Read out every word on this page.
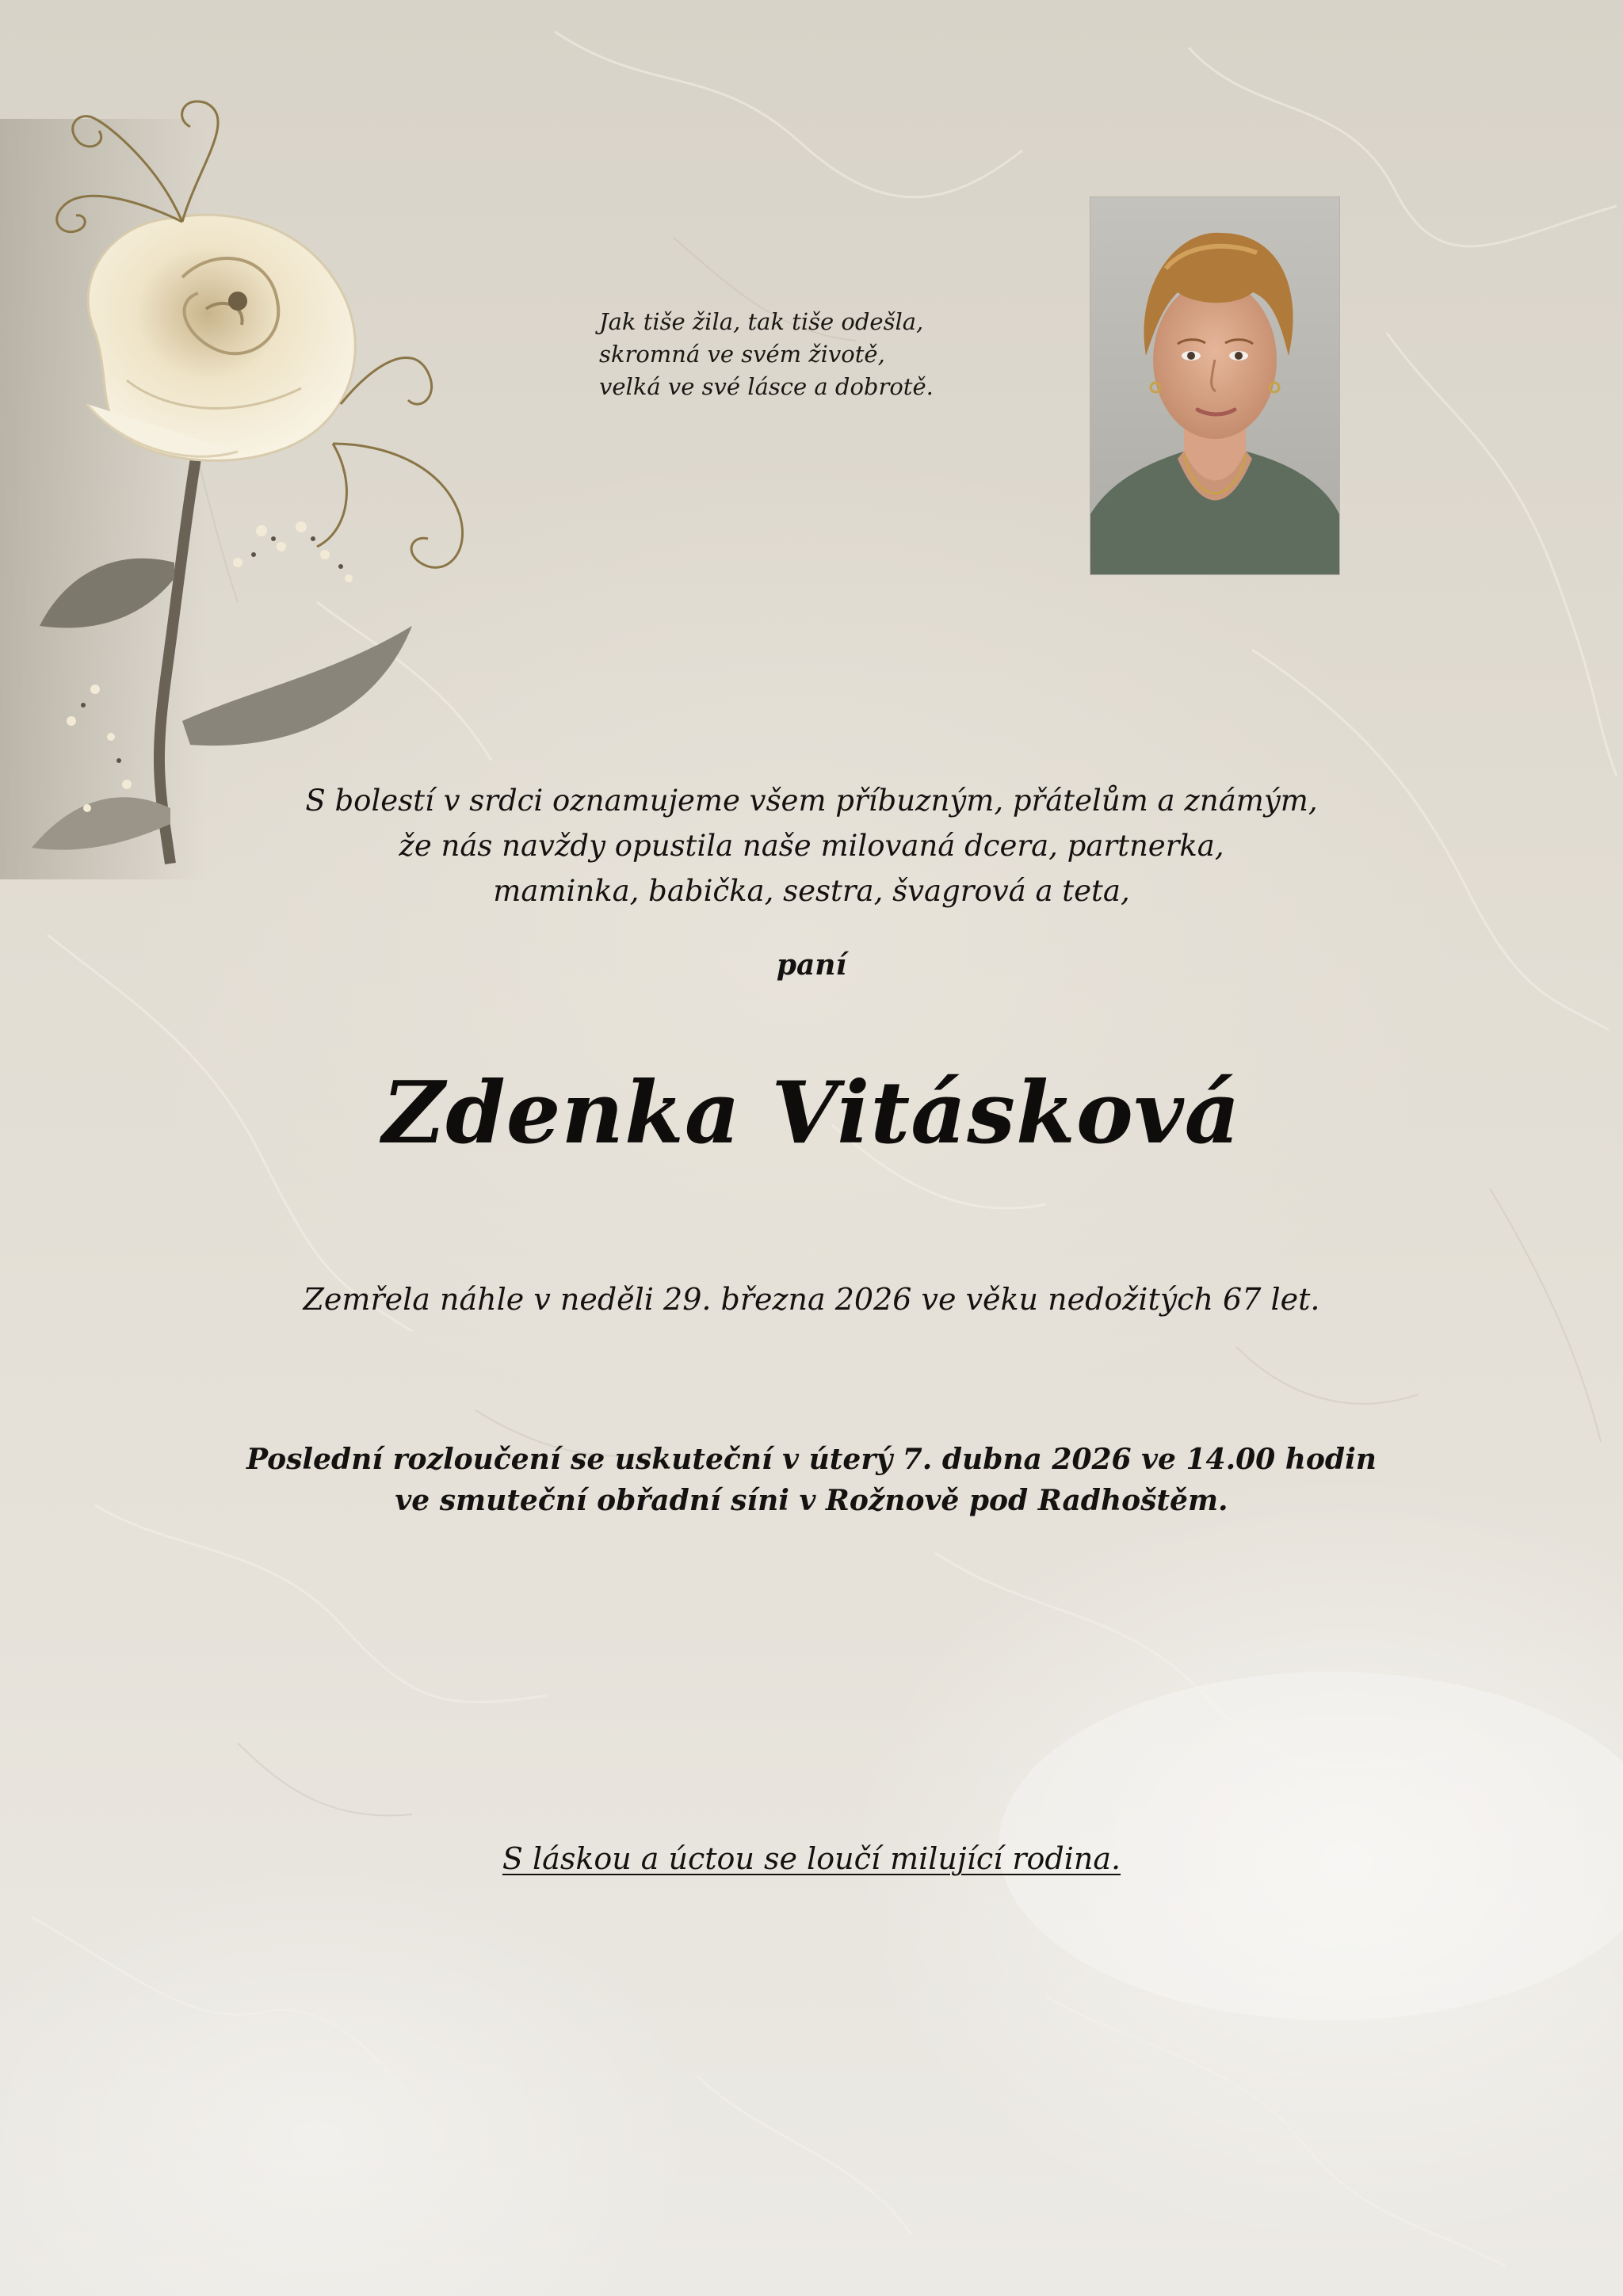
Jak tiše žila, tak tiše odešla,
skromná ve svém životě,
velká ve své lásce a dobrotě.

S bolestí v srdci oznamujeme všem příbuzným, přátelům a známým,
že nás navždy opustila naše milovaná dcera, partnerka,
maminka, babička, sestra, švagrová a teta,

paní

Zdenka Vitásková

Zemřela náhle v neděli 29. března 2026 ve věku nedožitých 67 let.

Poslední rozloučení se uskuteční v úterý 7. dubna 2026 ve 14.00 hodin
ve smuteční obřadní síni v Rožnově pod Radhoštěm.

S láskou a úctou se loučí milující rodina.
